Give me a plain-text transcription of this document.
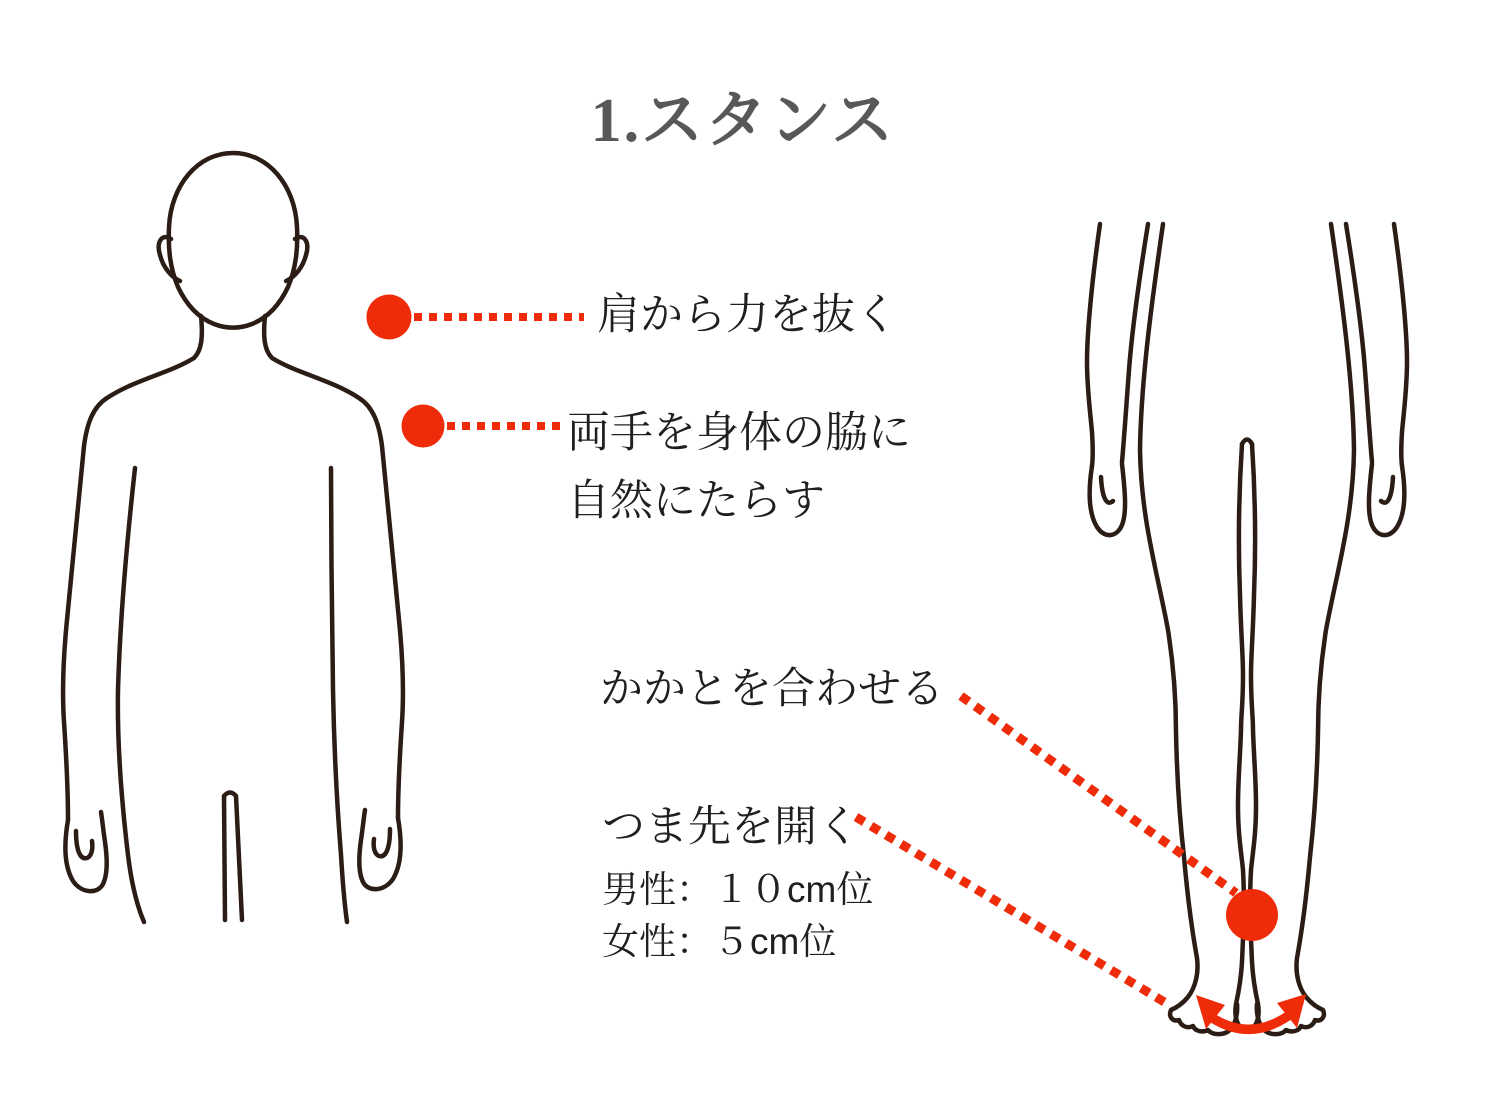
1.スタンス
肩から力を抜く
両手を身体の脇に
自然にたらす
かかとを合わせる
つま先を開く
男性：１０cm位
女性：５cm位
